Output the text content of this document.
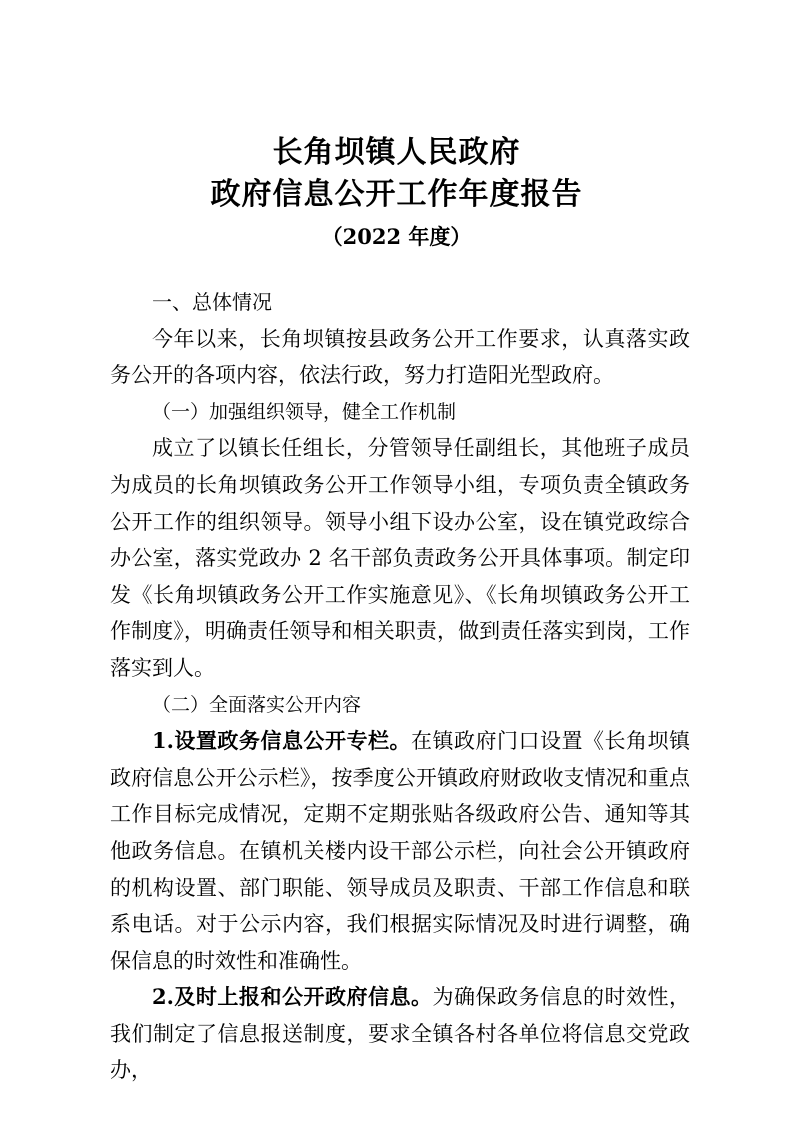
长角坝镇人民政府
政府信息公开工作年度报告
（2022 年度）

一、总体情况

今年以来，长角坝镇按县政务公开工作要求，认真落实政务公开的各项内容，依法行政，努力打造阳光型政府。

（一）加强组织领导，健全工作机制

成立了以镇长任组长，分管领导任副组长，其他班子成员为成员的长角坝镇政务公开工作领导小组，专项负责全镇政务公开工作的组织领导。领导小组下设办公室，设在镇党政综合办公室，落实党政办 2 名干部负责政务公开具体事项。制定印发《长角坝镇政务公开工作实施意见》、《长角坝镇政务公开工作制度》，明确责任领导和相关职责，做到责任落实到岗，工作落实到人。

（二）全面落实公开内容

1.设置政务信息公开专栏。在镇政府门口设置《长角坝镇政府信息公开公示栏》，按季度公开镇政府财政收支情况和重点工作目标完成情况，定期不定期张贴各级政府公告、通知等其他政务信息。在镇机关楼内设干部公示栏，向社会公开镇政府的机构设置、部门职能、领导成员及职责、干部工作信息和联系电话。对于公示内容，我们根据实际情况及时进行调整，确保信息的时效性和准确性。

2.及时上报和公开政府信息。为确保政务信息的时效性，我们制定了信息报送制度，要求全镇各村各单位将信息交党政办，
